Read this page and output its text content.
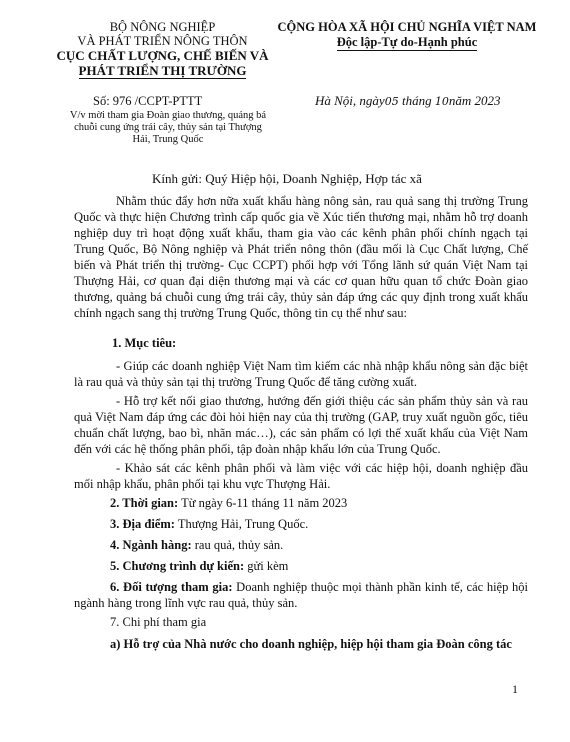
BỘ NÔNG NGHIỆP
VÀ PHÁT TRIỂN NÔNG THÔN
CỤC CHẤT LƯỢNG, CHẾ BIẾN VÀ
PHÁT TRIỂN THỊ TRƯỜNG
CỘNG HÒA XÃ HỘI CHỦ NGHĨA VIỆT NAM
Độc lập-Tự do-Hạnh phúc
Số: 976 /CCPT-PTTT
V/v mời tham gia Đoàn giao thương, quảng bá chuỗi cung ứng trái cây, thủy sản tại Thượng Hải, Trung Quốc
Hà Nội, ngày05 tháng 10năm 2023
Kính gửi: Quý Hiệp hội, Doanh Nghiệp, Hợp tác xã
Nhằm thúc đẩy hơn nữa xuất khẩu hàng nông sản, rau quả sang thị trường Trung Quốc và thực hiện Chương trình cấp quốc gia về Xúc tiến thương mại, nhằm hỗ trợ doanh nghiệp duy trì hoạt động xuất khẩu, tham gia vào các kênh phân phối chính ngạch tại Trung Quốc, Bộ Nông nghiệp và Phát triển nông thôn (đầu mối là Cục Chất lượng, Chế biến và Phát triển thị trường- Cục CCPT) phối hợp với Tổng lãnh sứ quán Việt Nam tại Thượng Hải, cơ quan đại diện thương mại và các cơ quan hữu quan tổ chức Đoàn giao thương, quảng bá chuỗi cung ứng trái cây, thủy sản đáp ứng các quy định trong xuất khẩu chính ngạch sang thị trường Trung Quốc, thông tin cụ thể như sau:
1. Mục tiêu:
- Giúp các doanh nghiệp Việt Nam tìm kiếm các nhà nhập khẩu nông sản đặc biệt là rau quả và thủy sản tại thị trường Trung Quốc để tăng cường xuất.
- Hỗ trợ kết nối giao thương, hướng đến giới thiệu các sản phẩm thủy sản và rau quả Việt Nam đáp ứng các đòi hỏi hiện nay của thị trường (GAP, truy xuất nguồn gốc, tiêu chuẩn chất lượng, bao bì, nhãn mác…), các sản phẩm có lợi thế xuất khẩu của Việt Nam đến với các hệ thống phân phối, tập đoàn nhập khẩu lớn của Trung Quốc.
- Khảo sát các kênh phân phối và làm việc với các hiệp hội, doanh nghiệp đầu mối nhập khẩu, phân phối tại khu vực Thượng Hải.
2. Thời gian: Từ ngày 6-11 tháng 11 năm 2023
3. Địa điểm: Thượng Hải, Trung Quốc.
4. Ngành hàng: rau quả, thủy sản.
5. Chương trình dự kiến: gửi kèm
6. Đối tượng tham gia: Doanh nghiệp thuộc mọi thành phần kinh tế, các hiệp hội ngành hàng trong lĩnh vực rau quả, thủy sản.
7. Chi phí tham gia
a) Hỗ trợ của Nhà nước cho doanh nghiệp, hiệp hội tham gia Đoàn công tác
1
